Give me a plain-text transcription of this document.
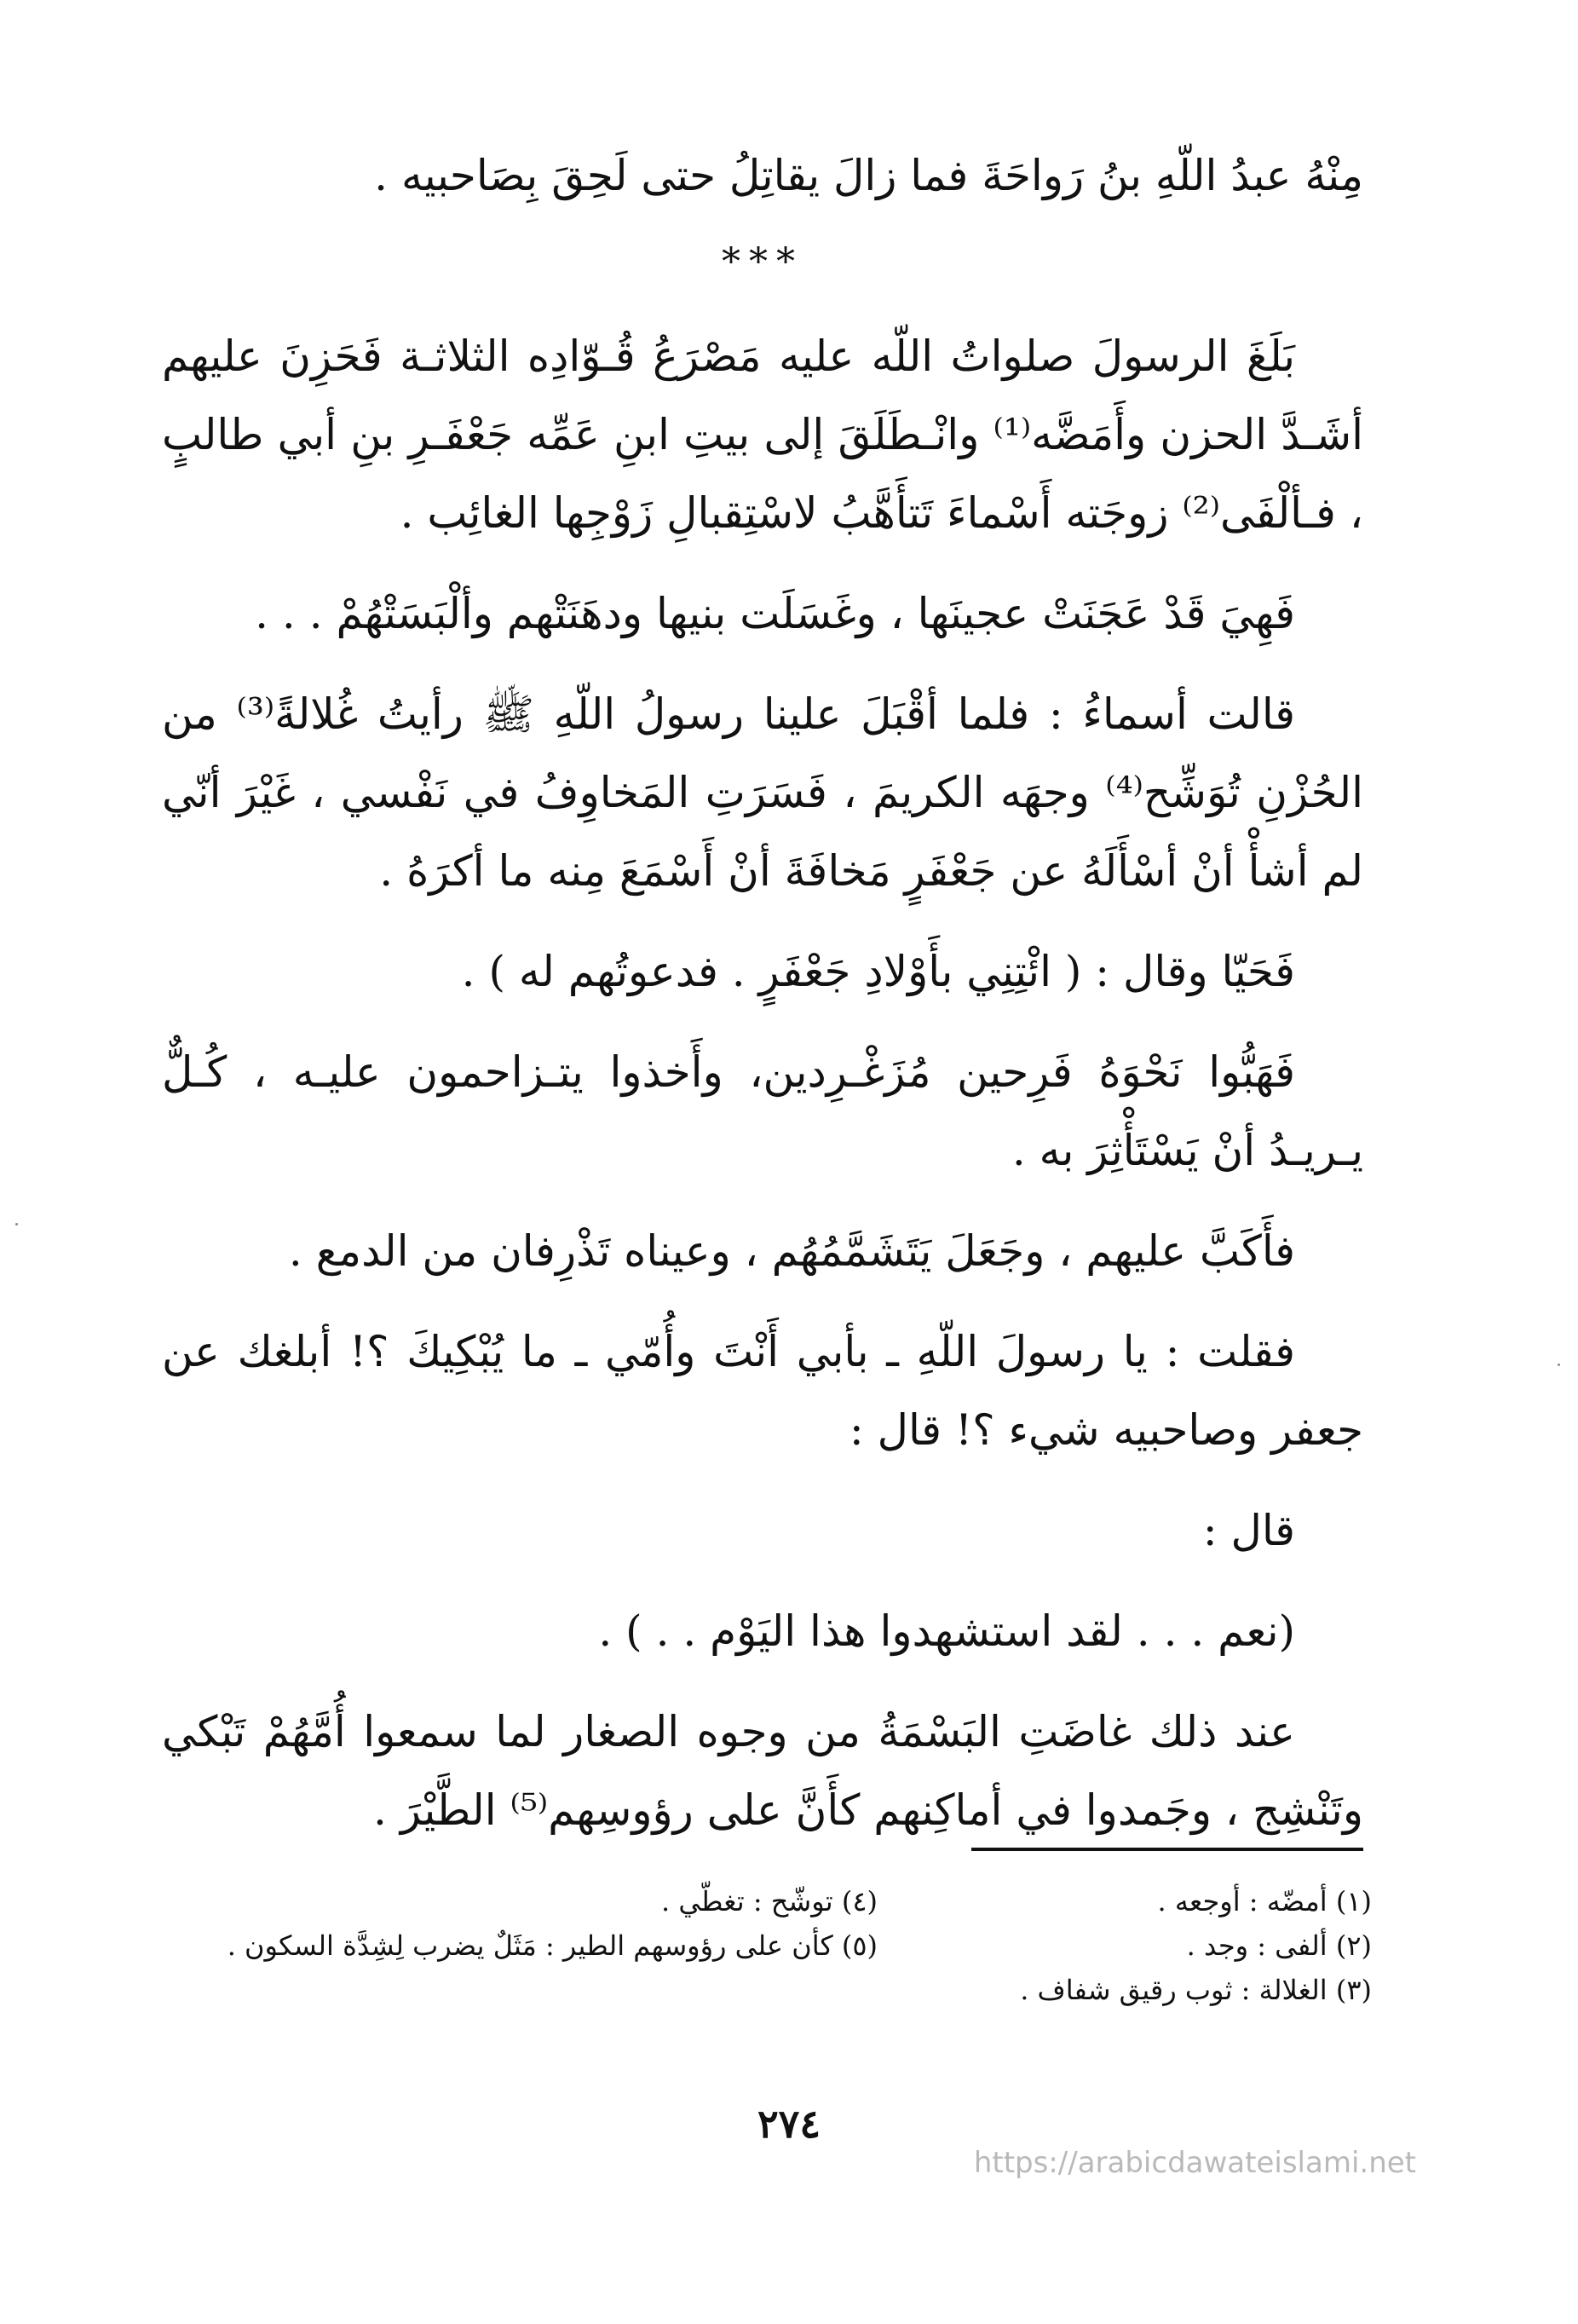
مِنْهُ عبدُ اللّهِ بنُ رَواحَةَ فما زالَ يقاتِلُ حتى لَحِقَ بِصَاحبيه .

***

بَلَغَ الرسولَ صلواتُ اللّه عليه مَصْرَعُ قُـوّادِه الثلاثـة فَحَزِنَ عليهم أشَـدَّ الحزن وأَمَضَّه⁽¹⁾ وانْـطَلَقَ إلى بيتِ ابنِ عَمِّه جَعْفَـرِ بنِ أبي طالبٍ ، فـألْفَى⁽²⁾ زوجَته أَسْماءَ تَتأَهَّبُ لاسْتِقبالِ زَوْجِها الغائِب .

فَهِيَ قَدْ عَجَنَتْ عجينَها ، وغَسَلَت بنيها ودهَنَتْهم وألْبَسَتْهُمْ . . .

قالت أسماءُ : فلما أقْبَلَ علينا رسولُ اللّهِ ﷺ رأيتُ غُلالةً⁽³⁾ من الحُزْنِ تُوَشِّح⁽⁴⁾ وجهَه الكريمَ ، فَسَرَتِ المَخاوِفُ في نَفْسي ، غَيْرَ أنّي لم أشأْ أنْ أسْأَلَهُ عن جَعْفَرٍ مَخافَةَ أنْ أَسْمَعَ مِنه ما أكرَهُ .

فَحَيّا وقال : ( ائْتِنِي بأَوْلادِ جَعْفَرٍ . فدعوتُهم له ) .

فَهَبُّوا نَحْوَهُ فَرِحين مُزَغْـرِدين، وأَخذوا يتـزاحمون عليـه ، كُـلٌّ يـريـدُ أنْ يَسْتَأْثِرَ به .

فأَكَبَّ عليهم ، وجَعَلَ يَتَشَمَّمُهُم ، وعيناه تَذْرِفان من الدمع .

فقلت : يا رسولَ اللّهِ ـ بأبي أَنْتَ وأُمّي ـ ما يُبْكِيكَ ؟! أبلغك عن جعفر وصاحبيه شيء ؟! قال :

قال :

(نعم . . . لقد استشهدوا هذا اليَوْم . . ) .

عند ذلك غاضَتِ البَسْمَةُ من وجوه الصغار لما سمعوا أُمَّهُمْ تَبْكي وتَنْشِج ، وجَمدوا في أماكِنهم كأَنَّ على رؤوسِهم⁽⁵⁾ الطَّيْرَ .

(١) أمضّه : أوجعه .
(٢) ألفى : وجد .
(٣) الغلالة : ثوب رقيق شفاف .
(٤) توشّح : تغطّي .
(٥) كأن على رؤوسهم الطير : مَثَلٌ يضرب لِشِدَّة السكون .
٢٧٤
https://arabicdawateislami.net
